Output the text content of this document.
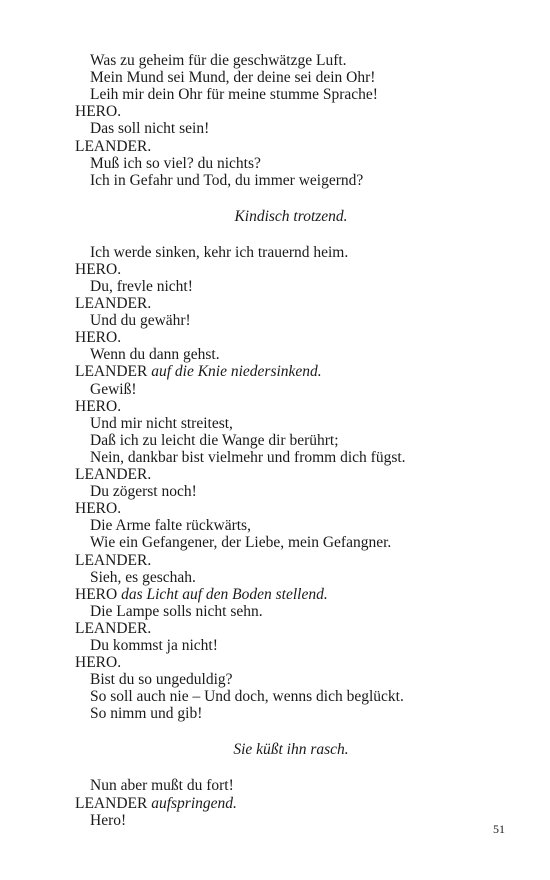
Was zu geheim für die geschwätzge Luft.
Mein Mund sei Mund, der deine sei dein Ohr!
Leih mir dein Ohr für meine stumme Sprache!
HERO.
Das soll nicht sein!
LEANDER.
Muß ich so viel? du nichts?
Ich in Gefahr und Tod, du immer weigernd?
Kindisch trotzend.
Ich werde sinken, kehr ich trauernd heim.
HERO.
Du, frevle nicht!
LEANDER.
Und du gewähr!
HERO.
Wenn du dann gehst.
LEANDER auf die Knie niedersinkend.
Gewiß!
HERO.
Und mir nicht streitest,
Daß ich zu leicht die Wange dir berührt;
Nein, dankbar bist vielmehr und fromm dich fügst.
LEANDER.
Du zögerst noch!
HERO.
Die Arme falte rückwärts,
Wie ein Gefangener, der Liebe, mein Gefangner.
LEANDER.
Sieh, es geschah.
HERO das Licht auf den Boden stellend.
Die Lampe solls nicht sehn.
LEANDER.
Du kommst ja nicht!
HERO.
Bist du so ungeduldig?
So soll auch nie – Und doch, wenns dich beglückt.
So nimm und gib!
Sie küßt ihn rasch.
Nun aber mußt du fort!
LEANDER aufspringend.
Hero!
51
